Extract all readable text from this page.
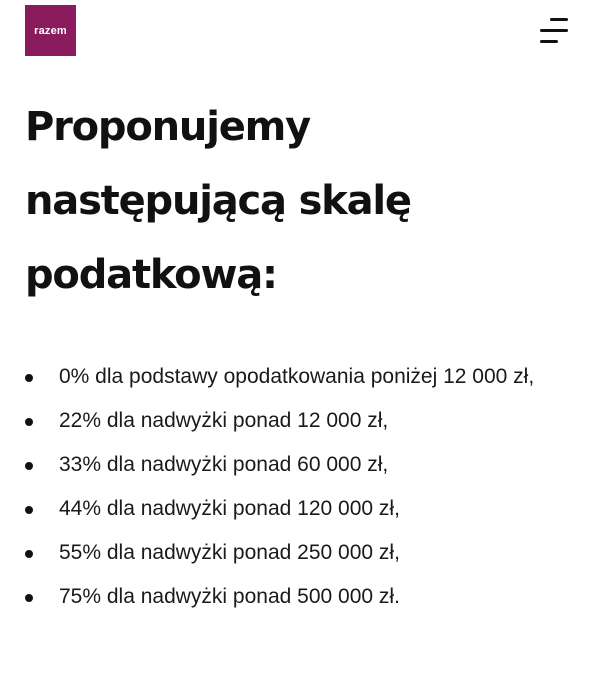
razem
Proponujemy następującą skalę podatkową:
0% dla podstawy opodatkowania poniżej 12 000 zł,
22% dla nadwyżki ponad 12 000 zł,
33% dla nadwyżki ponad 60 000 zł,
44% dla nadwyżki ponad 120 000 zł,
55% dla nadwyżki ponad 250 000 zł,
75% dla nadwyżki ponad 500 000 zł.
